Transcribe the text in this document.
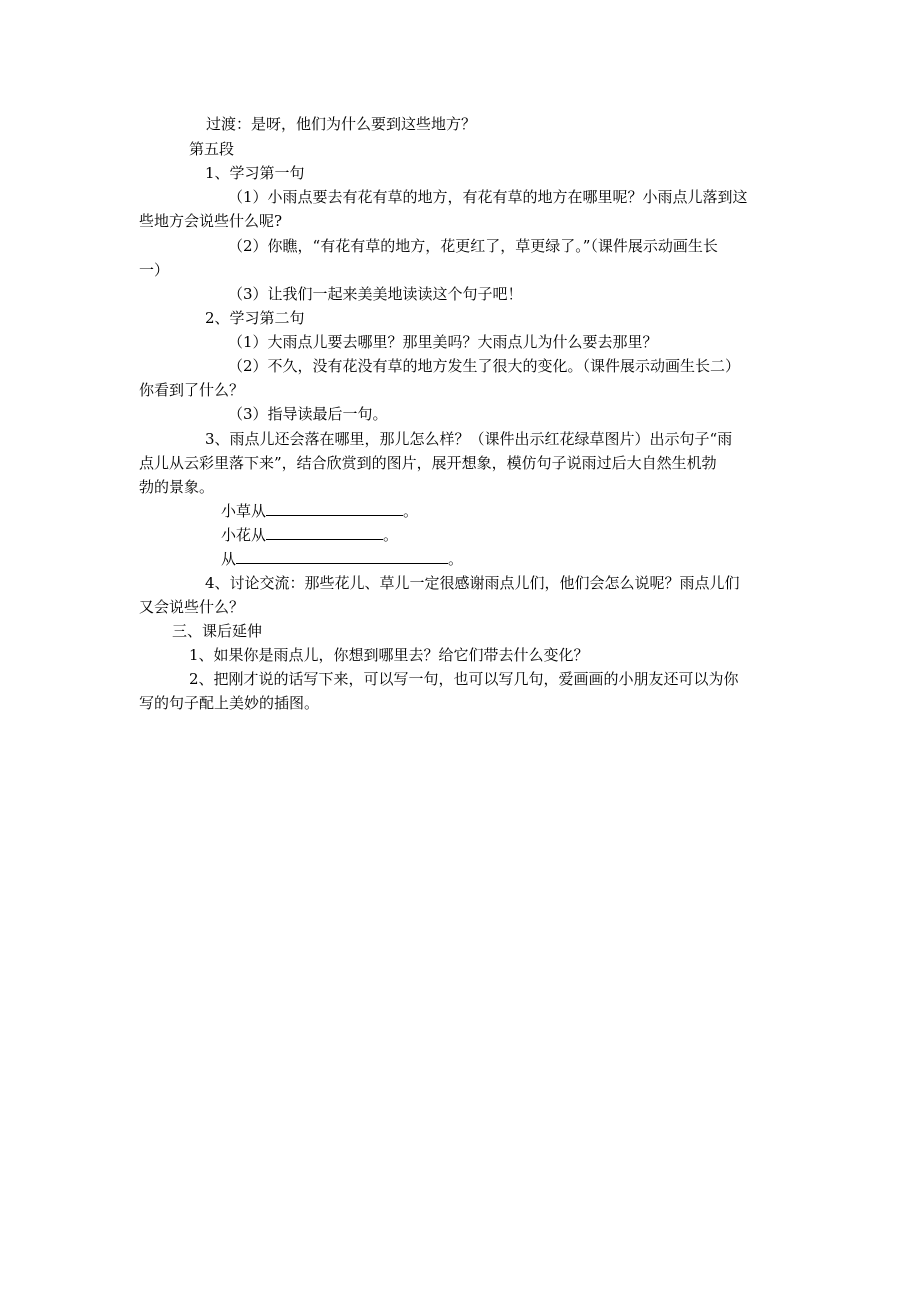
过渡：是呀，他们为什么要到这些地方？
第五段
1、学习第一句
（1）小雨点要去有花有草的地方，有花有草的地方在哪里呢？小雨点儿落到这
些地方会说些什么呢?
（2）你瞧，“有花有草的地方，花更红了，草更绿了。”（课件展示动画生长
一）
（3）让我们一起来美美地读读这个句子吧！
2、学习第二句
（1）大雨点儿要去哪里？那里美吗？大雨点儿为什么要去那里？
（2）不久，没有花没有草的地方发生了很大的变化。（课件展示动画生长二）
你看到了什么？
（3）指导读最后一句。
3、雨点儿还会落在哪里，那儿怎么样？（课件出示红花绿草图片）出示句子“雨
点儿从云彩里落下来”，结合欣赏到的图片，展开想象，模仿句子说雨过后大自然生机勃
勃的景象。
小草从	。
小花从	。
从	。
4、讨论交流：那些花儿、草儿一定很感谢雨点儿们，他们会怎么说呢？雨点儿们
又会说些什么？
三、课后延伸
1、如果你是雨点儿，你想到哪里去？给它们带去什么变化？
2、把刚才说的话写下来，可以写一句，也可以写几句，爱画画的小朋友还可以为你
写的句子配上美妙的插图。
